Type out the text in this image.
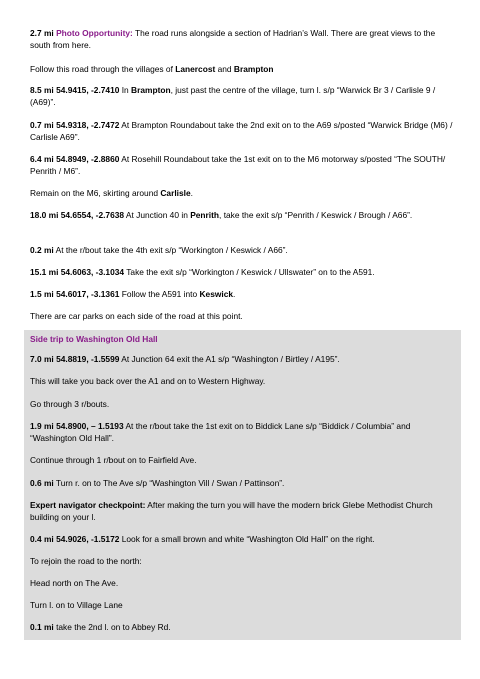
2.7 mi Photo Opportunity: The road runs alongside a section of Hadrian’s Wall. There are great views to the south from here.

Follow this road through the villages of Lanercost and Brampton

8.5 mi 54.9415, -2.7410 In Brampton, just past the centre of the village, turn l. s/p “Warwick Br 3 / Carlisle 9 / (A69)”.

0.7 mi 54.9318, -2.7472 At Brampton Roundabout take the 2nd exit on to the A69 s/posted “Warwick Bridge (M6) / Carlisle A69”.

6.4 mi 54.8949, -2.8860 At Rosehill Roundabout take the 1st exit on to the M6 motorway s/posted “The SOUTH/ Penrith / M6”.

Remain on the M6, skirting around Carlisle.

18.0 mi 54.6554, -2.7638 At Junction 40 in Penrith, take the exit s/p “Penrith / Keswick / Brough / A66”.

0.2 mi At the r/bout take the 4th exit s/p “Workington / Keswick / A66”.

15.1 mi 54.6063, -3.1034 Take the exit s/p “Workington / Keswick / Ullswater” on to the A591.

1.5 mi 54.6017, -3.1361 Follow the A591 into Keswick.

There are car parks on each side of the road at this point.

Side trip to Washington Old Hall

7.0 mi 54.8819, -1.5599 At Junction 64 exit the A1 s/p “Washington / Birtley / A195”.

This will take you back over the A1 and on to Western Highway.

Go through 3 r/bouts.

1.9 mi 54.8900, – 1.5193 At the r/bout take the 1st exit on to Biddick Lane s/p “Biddick / Columbia” and “Washington Old Hall”.

Continue through 1 r/bout on to Fairfield Ave.

0.6 mi Turn r. on to The Ave s/p “Washington Vill / Swan / Pattinson”.

Expert navigator checkpoint: After making the turn you will have the modern brick Glebe Methodist Church building on your l.

0.4 mi 54.9026, -1.5172 Look for a small brown and white “Washington Old Hall” on the right.

To rejoin the road to the north:

Head north on The Ave.

Turn l. on to Village Lane

0.1 mi take the 2nd l. on to Abbey Rd.
